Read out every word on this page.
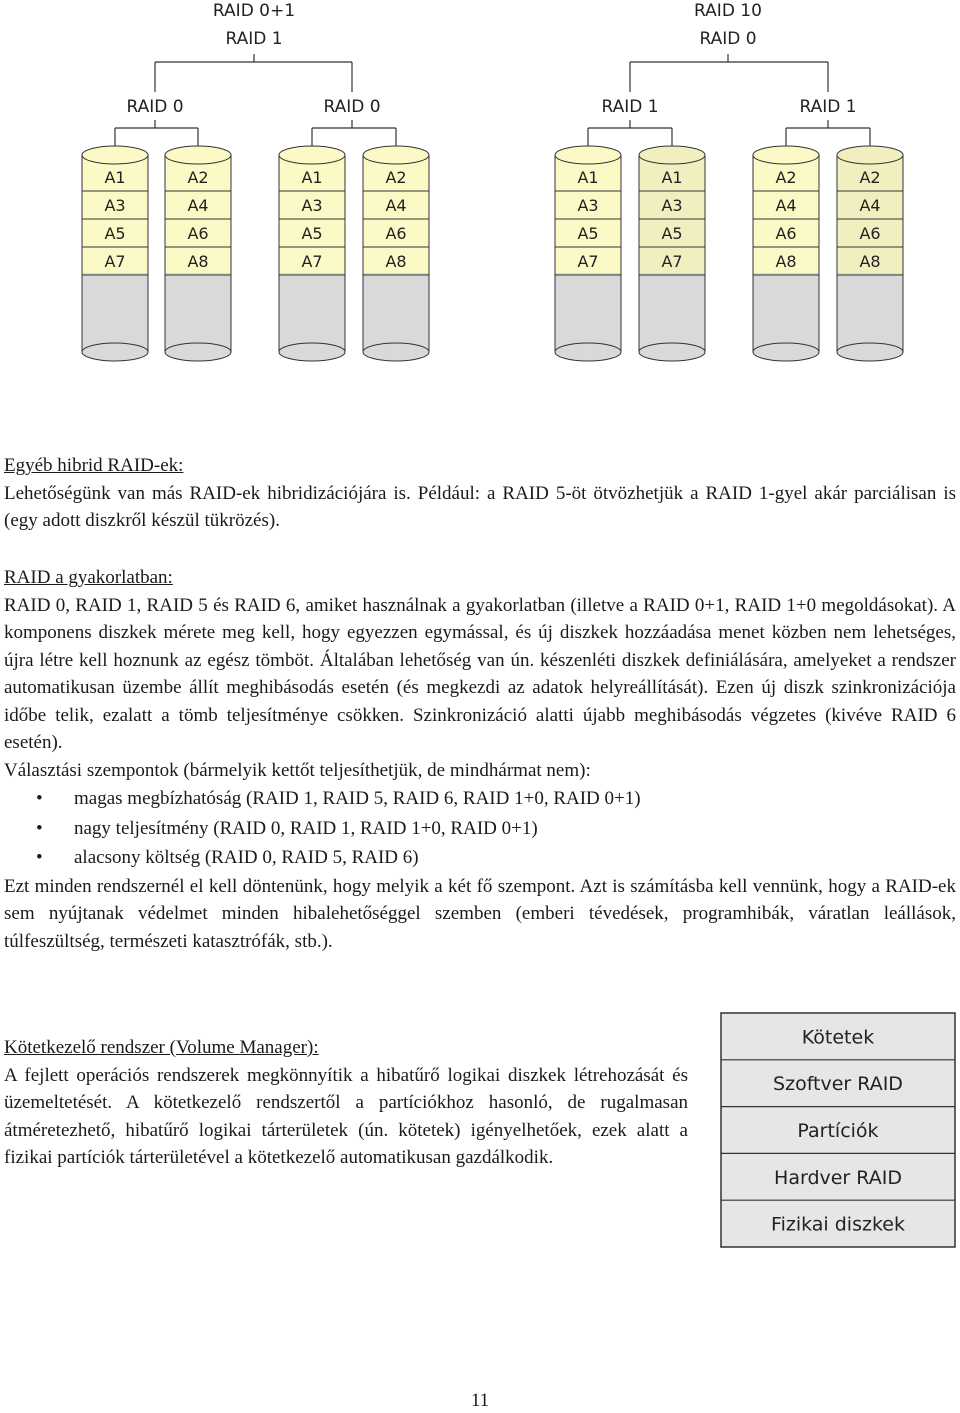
RAID 0+1
RAID 1
RAID 0
A1
A3
A5
A7
A2
A4
A6
A8
RAID 0
A1
A3
A5
A7
A2
A4
A6
A8
RAID 10
RAID 0
RAID 1
A1
A3
A5
A7
A1
A3
A5
A7
RAID 1
A2
A4
A6
A8
A2
A4
A6
A8

Egyéb hibrid RAID-ek:

Lehetőségünk van más RAID-ek hibridizációjára is. Például: a RAID 5-öt ötvözhetjük a RAID 1-gyel akár parciálisan is (egy adott diszkről készül tükrözés).

RAID a gyakorlatban:

RAID 0, RAID 1, RAID 5 és RAID 6, amiket használnak a gyakorlatban (illetve a RAID 0+1, RAID 1+0 megoldásokat). A komponens diszkek mérete meg kell, hogy egyezzen egymással, és új diszkek hozzáadása menet közben nem lehetséges, újra létre kell hoznunk az egész tömböt. Általában lehetőség van ún. készenléti diszkek definiálására, amelyeket a rendszer automatikusan üzembe állít meghibásodás esetén (és megkezdi az adatok helyreállítását). Ezen új diszk szinkronizációja időbe telik, ezalatt a tömb teljesítménye csökken. Szinkronizáció alatti újabb meghibásodás végzetes (kivéve RAID 6 esetén).

Választási szempontok (bármelyik kettőt teljesíthetjük, de mindhármat nem):

• magas megbízhatóság (RAID 1, RAID 5, RAID 6, RAID 1+0, RAID 0+1)
• nagy teljesítmény (RAID 0, RAID 1, RAID 1+0, RAID 0+1)
• alacsony költség (RAID 0, RAID 5, RAID 6)

Ezt minden rendszernél el kell döntenünk, hogy melyik a két fő szempont. Azt is számításba kell vennünk, hogy a RAID-ek sem nyújtanak védelmet minden hibalehetőséggel szemben (emberi tévedések, programhibák, váratlan leállások, túlfeszültség, természeti katasztrófák, stb.).

Kötetkezelő rendszer (Volume Manager):

A fejlett operációs rendszerek megkönnyítik a hibatűrő logikai diszkek létrehozását és üzemeltetését. A kötetkezelő rendszertől a partíciókhoz hasonló, de rugalmasan átméretezhető, hibatűrő logikai tárterületek (ún. kötetek) igényelhetőek, ezek alatt a fizikai partíciók tárterületével a kötetkezelő automatikusan gazdálkodik.

Kötetek
Szoftver RAID
Partíciók
Hardver RAID
Fizikai diszkek
11
